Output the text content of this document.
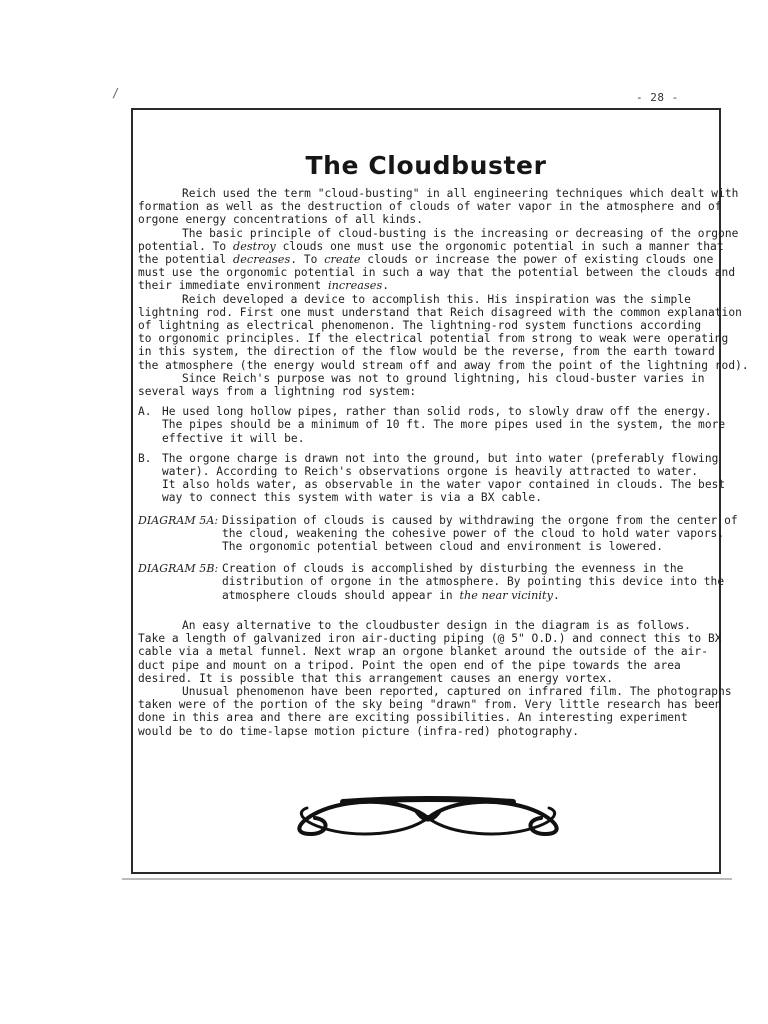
/	- 28 -
The Cloudbuster

Reich used the term "cloud-busting" in all engineering techniques which dealt with
formation as well as the destruction of clouds of water vapor in the atmosphere and of
orgone energy concentrations of all kinds.

The basic principle of cloud-busting is the increasing or decreasing of the orgone
potential. To destroy clouds one must use the orgonomic potential in such a manner that
the potential decreases. To create clouds or increase the power of existing clouds one
must use the orgonomic potential in such a way that the potential between the clouds and
their immediate environment increases.

Reich developed a device to accomplish this. His inspiration was the simple
lightning rod. First one must understand that Reich disagreed with the common explanation
of lightning as electrical phenomenon. The lightning-rod system functions according
to orgonomic principles. If the electrical potential from strong to weak were operating
in this system, the direction of the flow would be the reverse, from the earth toward
the atmosphere (the energy would stream off and away from the point of the lightning rod).

Since Reich's purpose was not to ground lightning, his cloud-buster varies in
several ways from a lightning rod system:

A. He used long hollow pipes, rather than solid rods, to slowly draw off the energy.
The pipes should be a minimum of 10 ft. The more pipes used in the system, the more
effective it will be.
B. The orgone charge is drawn not into the ground, but into water (preferably flowing
water). According to Reich's observations orgone is heavily attracted to water.
It also holds water, as observable in the water vapor contained in clouds. The best
way to connect this system with water is via a BX cable.
DIAGRAM 5A: Dissipation of clouds is caused by withdrawing the orgone from the center of
the cloud, weakening the cohesive power of the cloud to hold water vapors.
The orgonomic potential between cloud and environment is lowered.
DIAGRAM 5B: Creation of clouds is accomplished by disturbing the evenness in the
distribution of orgone in the atmosphere. By pointing this device into the
atmosphere clouds should appear in the near vicinity.

An easy alternative to the cloudbuster design in the diagram is as follows.
Take a length of galvanized iron air-ducting piping (@ 5" O.D.) and connect this to BX
cable via a metal funnel. Next wrap an orgone blanket around the outside of the air-
duct pipe and mount on a tripod. Point the open end of the pipe towards the area
desired. It is possible that this arrangement causes an energy vortex.

Unusual phenomenon have been reported, captured on infrared film. The photographs
taken were of the portion of the sky being "drawn" from. Very little research has been
done in this area and there are exciting possibilities. An interesting experiment
would be to do time-lapse motion picture (infra-red) photography.
